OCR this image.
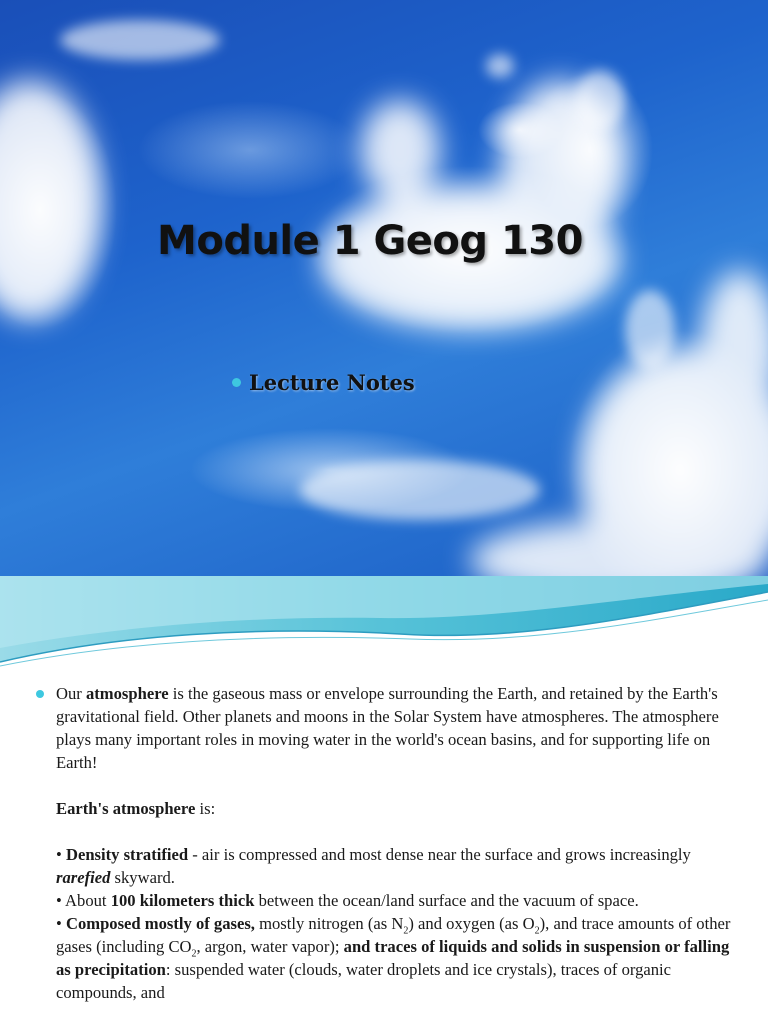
Module 1 Geog 130
Lecture Notes

Our atmosphere is the gaseous mass or envelope surrounding the Earth, and retained by the Earth's gravitational field. Other planets and moons in the Solar System have atmospheres. The atmosphere plays many important roles in moving water in the world's ocean basins, and for supporting life on Earth!

Earth's atmosphere is:

• Density stratified - air is compressed and most dense near the surface and grows increasingly rarefied skyward.

• About 100 kilometers thick between the ocean/land surface and the vacuum of space.

• Composed mostly of gases, mostly nitrogen (as $N_2$) and oxygen (as $O_2$), and trace amounts of other gases (including $CO_2$, argon, water vapor); and traces of liquids and solids in suspension or falling as precipitation: suspended water (clouds, water droplets and ice crystals), traces of organic compounds, and
